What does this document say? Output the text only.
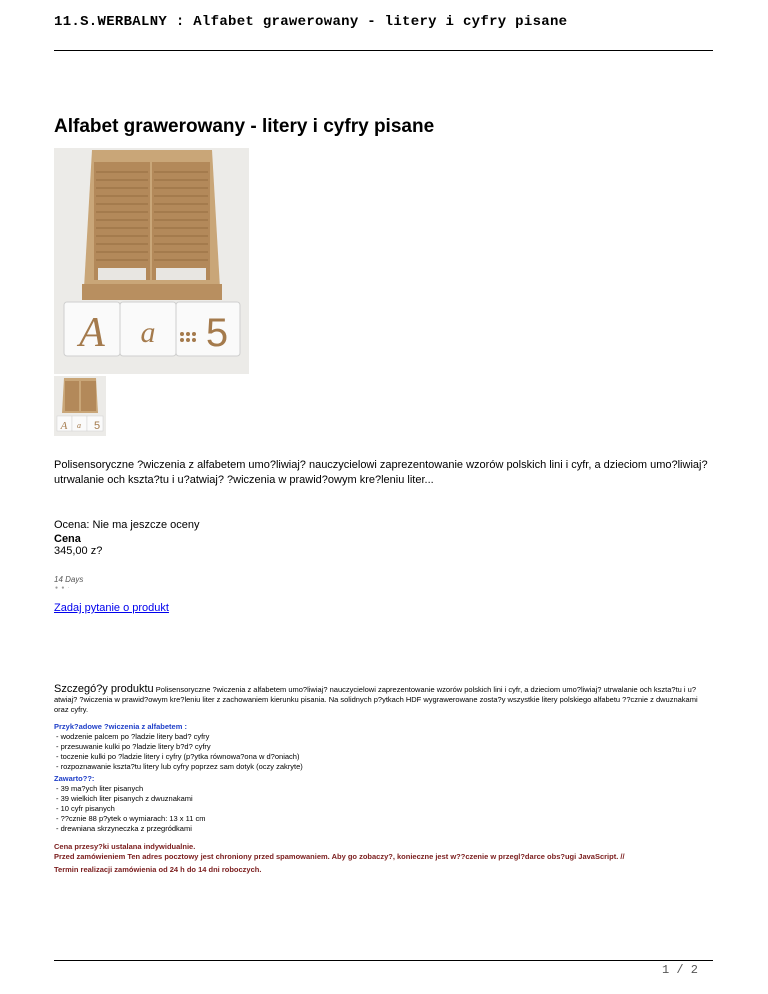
11.S.WERBALNY : Alfabet grawerowany - litery i cyfry pisane
Alfabet grawerowany - litery i cyfry pisane
A a 5
A a 5
Polisensoryczne ?wiczenia z alfabetem umo?liwiaj? nauczycielowi zaprezentowanie wzorów polskich lini i cyfr, a dzieciom umo?liwiaj? utrwalanie och kszta?tu i u?atwiaj? ?wiczenia w prawid?owym kre?leniu liter...
Ocena: Nie ma jeszcze oceny
Cena
345,00 z?
14 Days
● ● ·
Zadaj pytanie o produkt
Szczegó?y produktu Polisensoryczne ?wiczenia z alfabetem umo?liwiaj? nauczycielowi zaprezentowanie wzorów polskich lini i cyfr, a dzieciom umo?liwiaj? utrwalanie och kszta?tu i u?atwiaj? ?wiczenia w prawid?owym kre?leniu liter z zachowaniem kierunku pisania. Na solidnych p?ytkach HDF wygrawerowane zosta?y wszystkie litery polskiego alfabetu ??cznie z dwuznakami oraz cyfry.
Przyk?adowe ?wiczenia z alfabetem :
- wodzenie palcem po ?ladzie litery bad? cyfry
- przesuwanie kulki po ?ladzie litery b?d? cyfry
- toczenie kulki po ?ladzie litery i cyfry (p?ytka równowa?ona w d?oniach)
- rozpoznawanie kszta?tu litery lub cyfry poprzez sam dotyk (oczy zakryte)
Zawarto??:
- 39 ma?ych liter pisanych
- 39 wielkich liter pisanych z dwuznakami
- 10 cyfr pisanych
- ??cznie 88 p?ytek o wymiarach: 13 x 11 cm
- drewniana skrzyneczka z przegródkami
Cena przesy?ki ustalana indywidualnie.
Przed zamówieniem Ten adres pocztowy jest chroniony przed spamowaniem. Aby go zobaczy?, konieczne jest w??czenie w przegl?darce obs?ugi JavaScript. //
Termin realizacji zamówienia od 24 h do 14 dni roboczych.
1 / 2
